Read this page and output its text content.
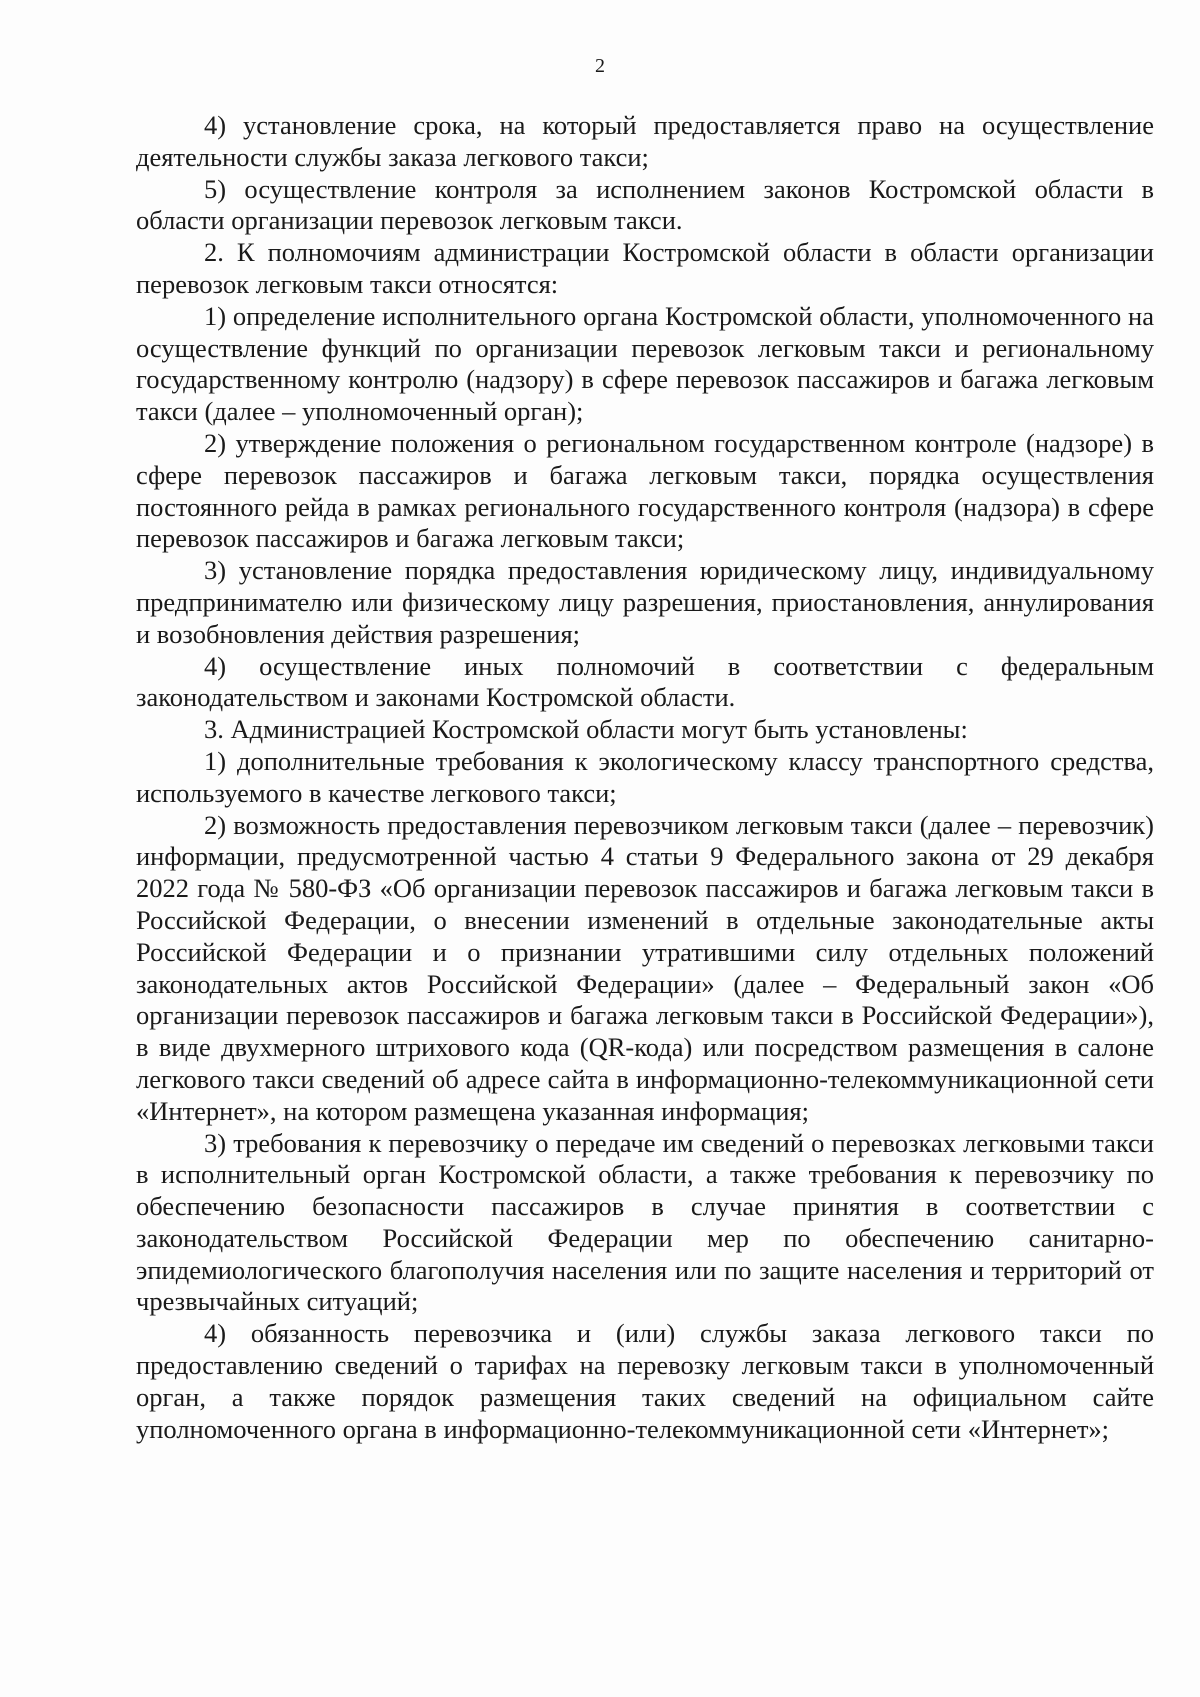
2

4) установление срока, на который предоставляется право на осуществление деятельности службы заказа легкового такси;

5) осуществление контроля за исполнением законов Костромской области в области организации перевозок легковым такси.

2. К полномочиям администрации Костромской области в области организации перевозок легковым такси относятся:

1) определение исполнительного органа Костромской области, уполномоченного на осуществление функций по организации перевозок легковым такси и региональному государственному контролю (надзору) в сфере перевозок пассажиров и багажа легковым такси (далее – уполномоченный орган);

2) утверждение положения о региональном государственном контроле (надзоре) в сфере перевозок пассажиров и багажа легковым такси, порядка осуществления постоянного рейда в рамках регионального государственного контроля (надзора) в сфере перевозок пассажиров и багажа легковым такси;

3) установление порядка предоставления юридическому лицу, индивидуальному предпринимателю или физическому лицу разрешения, приостановления, аннулирования и возобновления действия разрешения;

4) осуществление иных полномочий в соответствии с федеральным законодательством и законами Костромской области.

3. Администрацией Костромской области могут быть установлены:

1) дополнительные требования к экологическому классу транспортного средства, используемого в качестве легкового такси;

2) возможность предоставления перевозчиком легковым такси (далее – перевозчик) информации, предусмотренной частью 4 статьи 9 Федерального закона от 29 декабря 2022 года № 580-ФЗ «Об организации перевозок пассажиров и багажа легковым такси в Российской Федерации, о внесении изменений в отдельные законодательные акты Российской Федерации и о признании утратившими силу отдельных положений законодательных актов Российской Федерации» (далее – Федеральный закон «Об организации перевозок пассажиров и багажа легковым такси в Российской Федерации»), в виде двухмерного штрихового кода (QR-кода) или посредством размещения в салоне легкового такси сведений об адресе сайта в информационно-телекоммуникационной сети «Интернет», на котором размещена указанная информация;

3) требования к перевозчику о передаче им сведений о перевозках легковыми такси в исполнительный орган Костромской области, а также требования к перевозчику по обеспечению безопасности пассажиров в случае принятия в соответствии с законодательством Российской Федерации мер по обеспечению санитарно-эпидемиологического благополучия населения или по защите населения и территорий от чрезвычайных ситуаций;

4) обязанность перевозчика и (или) службы заказа легкового такси по предоставлению сведений о тарифах на перевозку легковым такси в уполномоченный орган, а также порядок размещения таких сведений на официальном сайте уполномоченного органа в информационно-телекоммуникационной сети «Интернет»;
